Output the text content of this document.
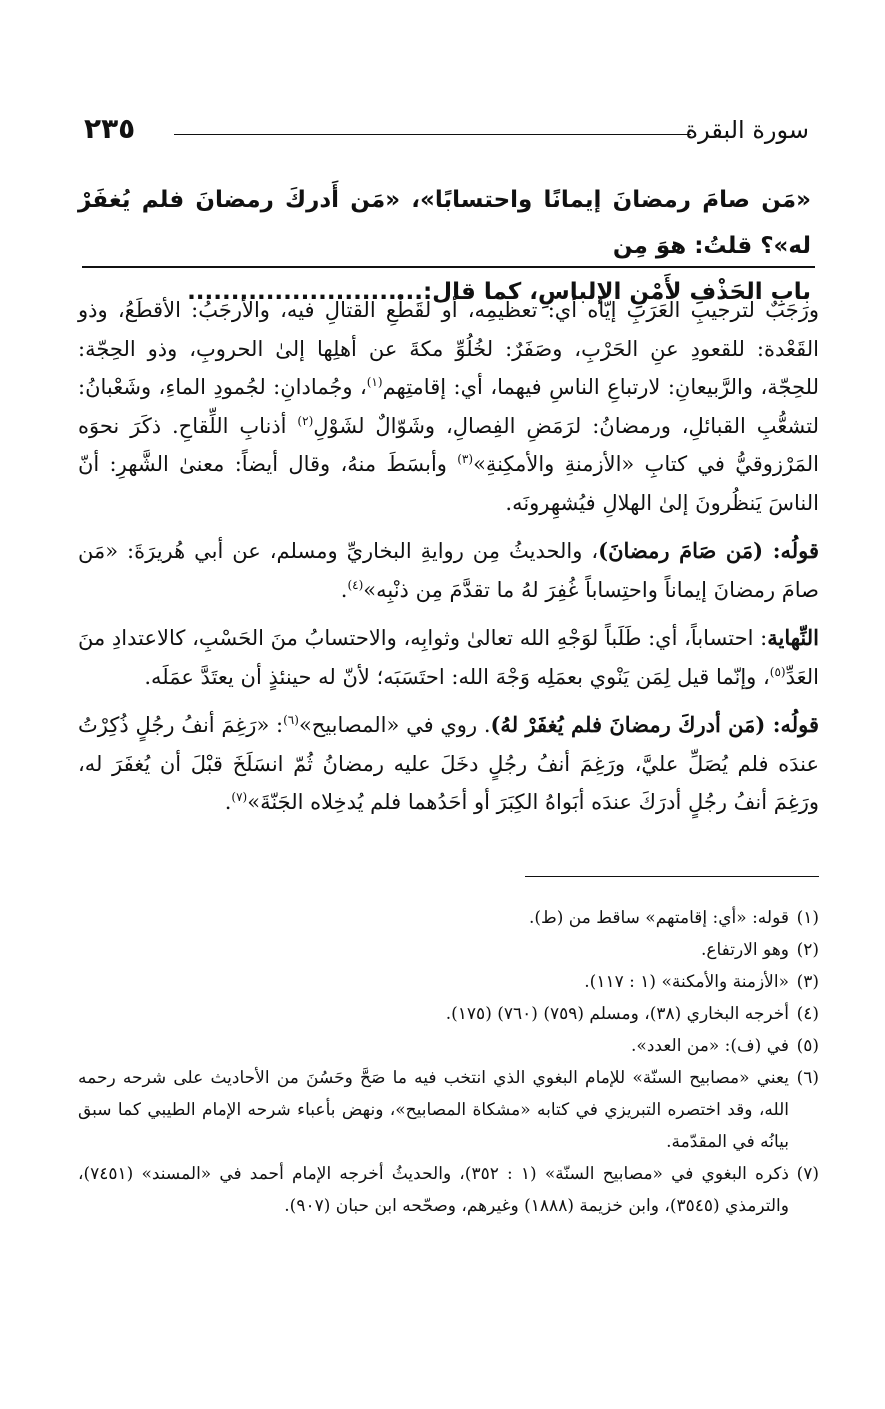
سورة البقرة
٢٣٥

«مَن صامَ رمضانَ إيمانًا واحتسابًا»، «مَن أَدركَ رمضانَ فلم يُغفَرْ له»؟ قلتُ: هوَ مِن

بابِ الحَذْفِ لأَمْنِ الإلباسِ، كما قال:...........................

ورَجَبٌ لترجيبِ العَرَبِ إيّاه أي: تعظيمِه، أو لقَطْعِ القتالِ فيه، والأرجَبُ: الأقطَعُ، وذو القَعْدة: للقعودِ عنِ الحَرْبِ، وصَفَرٌ: لخُلُوِّ مكةَ عن أهلِها إلىٰ الحروبِ، وذو الحِجّة: للحِجّة، والرَّبيعانِ: لارتباعِ الناسِ فيهما، أي: إقامتِهم$^{(١)}$، وجُمادانِ: لجُمودِ الماءِ، وشَعْبانُ: لتشعُّبِ القبائلِ، ورمضانُ: لرَمَضِ الفِصالِ، وشَوّالٌ لشَوْلِ$^{(٢)}$ أذنابِ اللِّقاحِ. ذكَرَ نحوَه المَرْزوقيُّ في كتابِ «الأزمنةِ والأمكِنةِ»$^{(٣)}$ وأبسَطَ منهُ، وقال أيضاً: معنىٰ الشَّهرِ: أنّ الناسَ يَنظُرونَ إلىٰ الهلالِ فيُشهِرونَه.

قولُه: (مَن صَامَ رمضانَ)، والحديثُ مِن روايةِ البخاريِّ ومسلم، عن أبي هُريرَةَ: «مَن صامَ رمضانَ إيماناً واحتِساباً غُفِرَ لهُ ما تقدَّمَ مِن ذنْبِه»$^{(٤)}$.

النِّهاية: احتساباً، أي: طَلَباً لوَجْهِ الله تعالىٰ وثوابِه، والاحتسابُ منَ الحَسْبِ، كالاعتدادِ منَ العَدِّ$^{(٥)}$، وإنّما قيل لِمَن يَنْوي بعمَلِه وَجْهَ الله: احتَسَبَه؛ لأنّ له حينئذٍ أن يعتَدَّ عمَلَه.

قولُه: (مَن أدركَ رمضانَ فلم يُغفَرْ لهُ). روي في «المصابيح»$^{(٦)}$: «رَغِمَ أنفُ رجُلٍ ذُكِرْتُ عندَه فلم يُصَلِّ عليَّ، ورَغِمَ أنفُ رجُلٍ دخَلَ عليه رمضانُ ثُمّ انسَلَخَ قبْلَ أن يُغفَرَ له، ورَغِمَ أنفُ رجُلٍ أدرَكَ عندَه أبَواهُ الكِبَرَ أو أحَدُهما فلم يُدخِلاه الجَنّةَ»$^{(٧)}$.

(١)
قوله: «أي: إقامتهم» ساقط من (ط).
(٢)
وهو الارتفاع.
(٣)
«الأزمنة والأمكنة» (١ : ١١٧).
(٤)
أخرجه البخاري (٣٨)، ومسلم (٧٥٩) (٧٦٠) (١٧٥).
(٥)
في (ف): «من العدد».
(٦)
يعني «مصابيح السنّة» للإمام البغوي الذي انتخب فيه ما صَحَّ وحَسُنَ من الأحاديث على شرحه رحمه الله، وقد اختصره التبريزي في كتابه «مشكاة المصابيح»، ونهض بأعباء شرحه الإمام الطيبي كما سبق بيانُه في المقدّمة.
(٧)
ذكره البغوي في «مصابيح السنّة» (١ : ٣٥٢)، والحديثُ أخرجه الإمام أحمد في «المسند» (٧٤٥١)، والترمذي (٣٥٤٥)، وابن خزيمة (١٨٨٨) وغيرهم، وصحّحه ابن حبان (٩٠٧).
